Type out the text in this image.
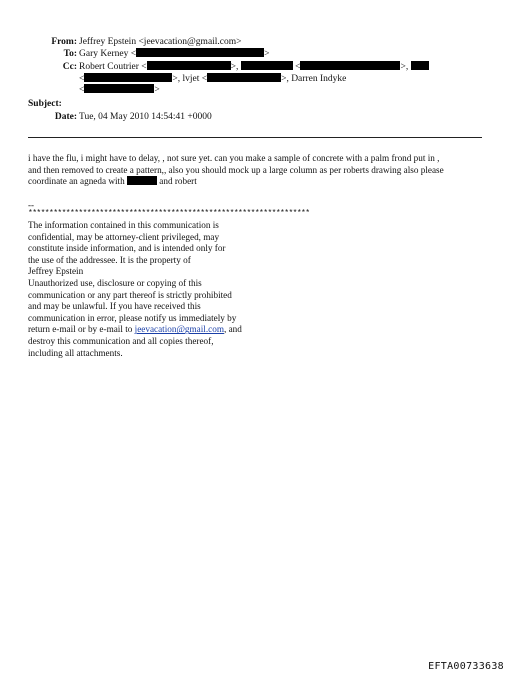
From: Jeffrey Epstein <jeevacation@gmail.com>
To: Gary Kerney <	>
Cc: Robert Coutrier <	>,	<	>,
<	>, lvjet <	>, Darren Indyke
<	>
Subject:
Date: Tue, 04 May 2010 14:54:41 +0000
i have the flu, i might have to delay, , not sure yet. can you make a sample of concrete with a palm frond put in ,
and then removed to create a pattern,, also you should mock up a large column as per roberts drawing also please
coordinate an agneda with	and robert
--
*******************************************************************
The information contained in this communication is
confidential, may be attorney-client privileged, may
constitute inside information, and is intended only for
the use of the addressee. It is the property of
Jeffrey Epstein
Unauthorized use, disclosure or copying of this
communication or any part thereof is strictly prohibited
and may be unlawful. If you have received this
communication in error, please notify us immediately by
return e-mail or by e-mail to jeevacation@gmail.com, and
destroy this communication and all copies thereof,
including all attachments.
EFTA00733638
